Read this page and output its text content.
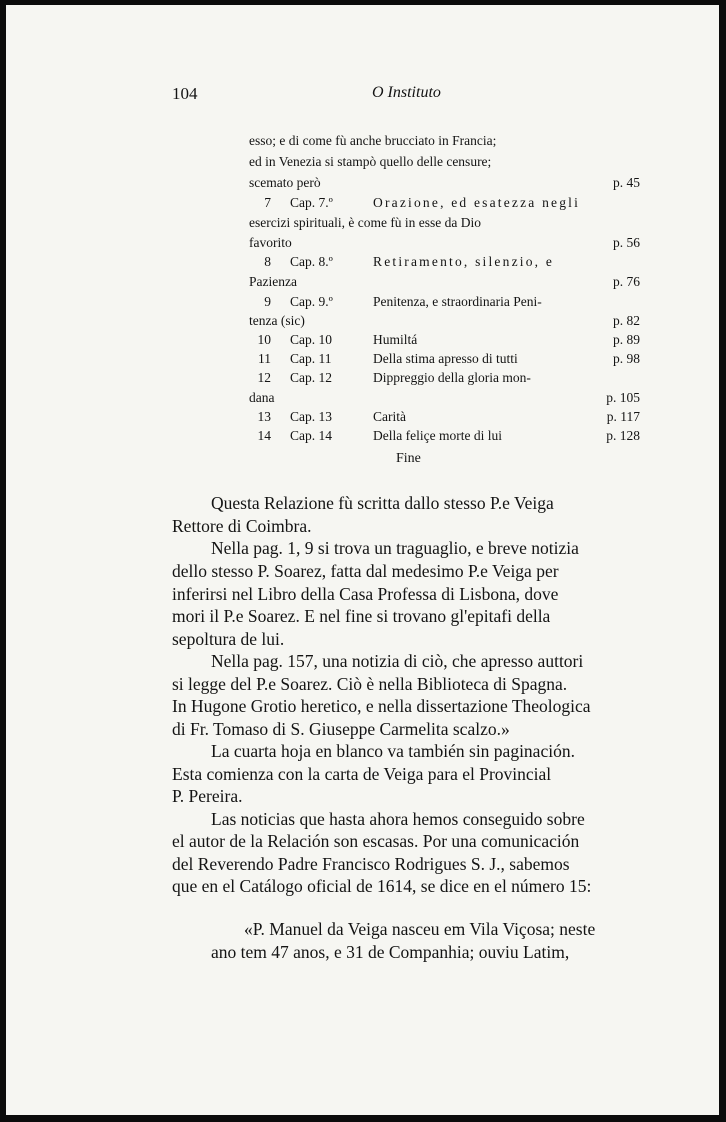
104	O Instituto
esso; e di come fù anche brucciato in Francia;
ed in Venezia si stampò quello delle censure;
scemato però	p. 45
7 Cap. 7.º	Orazione, ed esatezza negli
esercizi spirituali, è come fù in esse da Dio
favorito	p. 56
8 Cap. 8.º	Retiramento, silenzio, e
Pazienza	p. 76
9 Cap. 9.º	Penitenza, e straordinaria Peni-
tenza (sic)	p. 82
10 Cap. 10	Humiltá	p. 89
11 Cap. 11	Della stima apresso di tutti	p. 98
12 Cap. 12	Dippreggio della gloria mon-
dana	p. 105
13 Cap. 13	Carità	p. 117
14 Cap. 14	Della feliçe morte di lui	p. 128
Fine
Questa Relazione fù scritta dallo stesso P.e Veiga
Rettore di Coimbra.
Nella pag. 1, 9 si trova un traguaglio, e breve notizia
dello stesso P. Soarez, fatta dal medesimo P.e Veiga per
inferirsi nel Libro della Casa Professa di Lisbona, dove
mori il P.e Soarez. E nel fine si trovano gl'epitafi della
sepoltura de lui.
Nella pag. 157, una notizia di ciò, che apresso auttori
si legge del P.e Soarez. Ciò è nella Biblioteca di Spagna.
In Hugone Grotio heretico, e nella dissertazione Theologica
di Fr. Tomaso di S. Giuseppe Carmelita scalzo.»
La cuarta hoja en blanco va también sin paginación.
Esta comienza con la carta de Veiga para el Provincial
P. Pereira.
Las noticias que hasta ahora hemos conseguido sobre
el autor de la Relación son escasas. Por una comunicación
del Reverendo Padre Francisco Rodrigues S. J., sabemos
que en el Catálogo oficial de 1614, se dice en el número 15:
«P. Manuel da Veiga nasceu em Vila Viçosa; neste
ano tem 47 anos, e 31 de Companhia; ouviu Latim,
